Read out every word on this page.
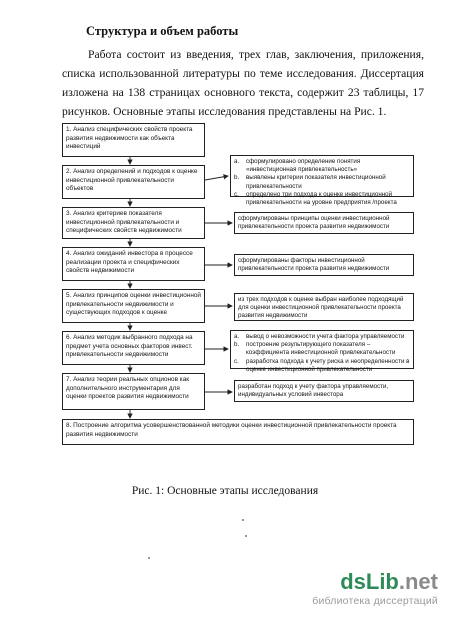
Структура и объем работы
Работа состоит из введения, трех глав, заключения, приложения, списка использованной литературы по теме исследования. Диссертация изложена на 138 страницах основного текста, содержит 23 таблицы, 17 рисунков. Основные этапы исследования представлены на Рис. 1.
1. Анализ специфических свойств проекта развития недвижимости как объекта инвестиций
2. Анализ определений и подходов к оценке инвестиционной привлекательности объектов
3. Анализ критериев показателя инвестиционной привлекательности и специфических свойств недвижимости
4. Анализ ожиданий инвестора в процессе реализации проекта и специфических свойств недвижимости
5. Анализ принципов оценки инвестиционной привлекательности недвижимости и существующих подходов к оценке
6. Анализ методик выбранного подхода на предмет учета основных факторов инвест. привлекательности недвижимости
7. Анализ теории реальных опционов как дополнительного инструментария для оценки проектов развития недвижимости
8. Построение алгоритма усовершенствованной методики оценки инвестиционной привлекательности проекта развития недвижимости
a.	сформулировано определение понятия «инвестиционная привлекательность»
b.	выявлены критерии показателя инвестиционной привлекательности
c.	определено три подхода к оценке инвестиционной привлекательности на уровне предприятия /проекта
сформулированы принципы оценки инвестиционной привлекательности проекта развития недвижимости
сформулированы факторы инвестиционной привлекательности проекта развития недвижимости
из трех подходов к оценке выбран наиболее подходящий для оценки инвестиционной привлекательности проекта развития недвижимости
a.	вывод о невозможности учета фактора управляемости
b.	построение результирующего показателя – коэффициента инвестиционной привлекательности
c.	разработка подхода к учету риска и неопределенности в оценке инвестиционной привлекательности
разработан подход к учету фактора управляемости, индивидуальных условий инвестора
Рис. 1: Основные этапы исследования
dsLib.net
библиотека диссертаций
